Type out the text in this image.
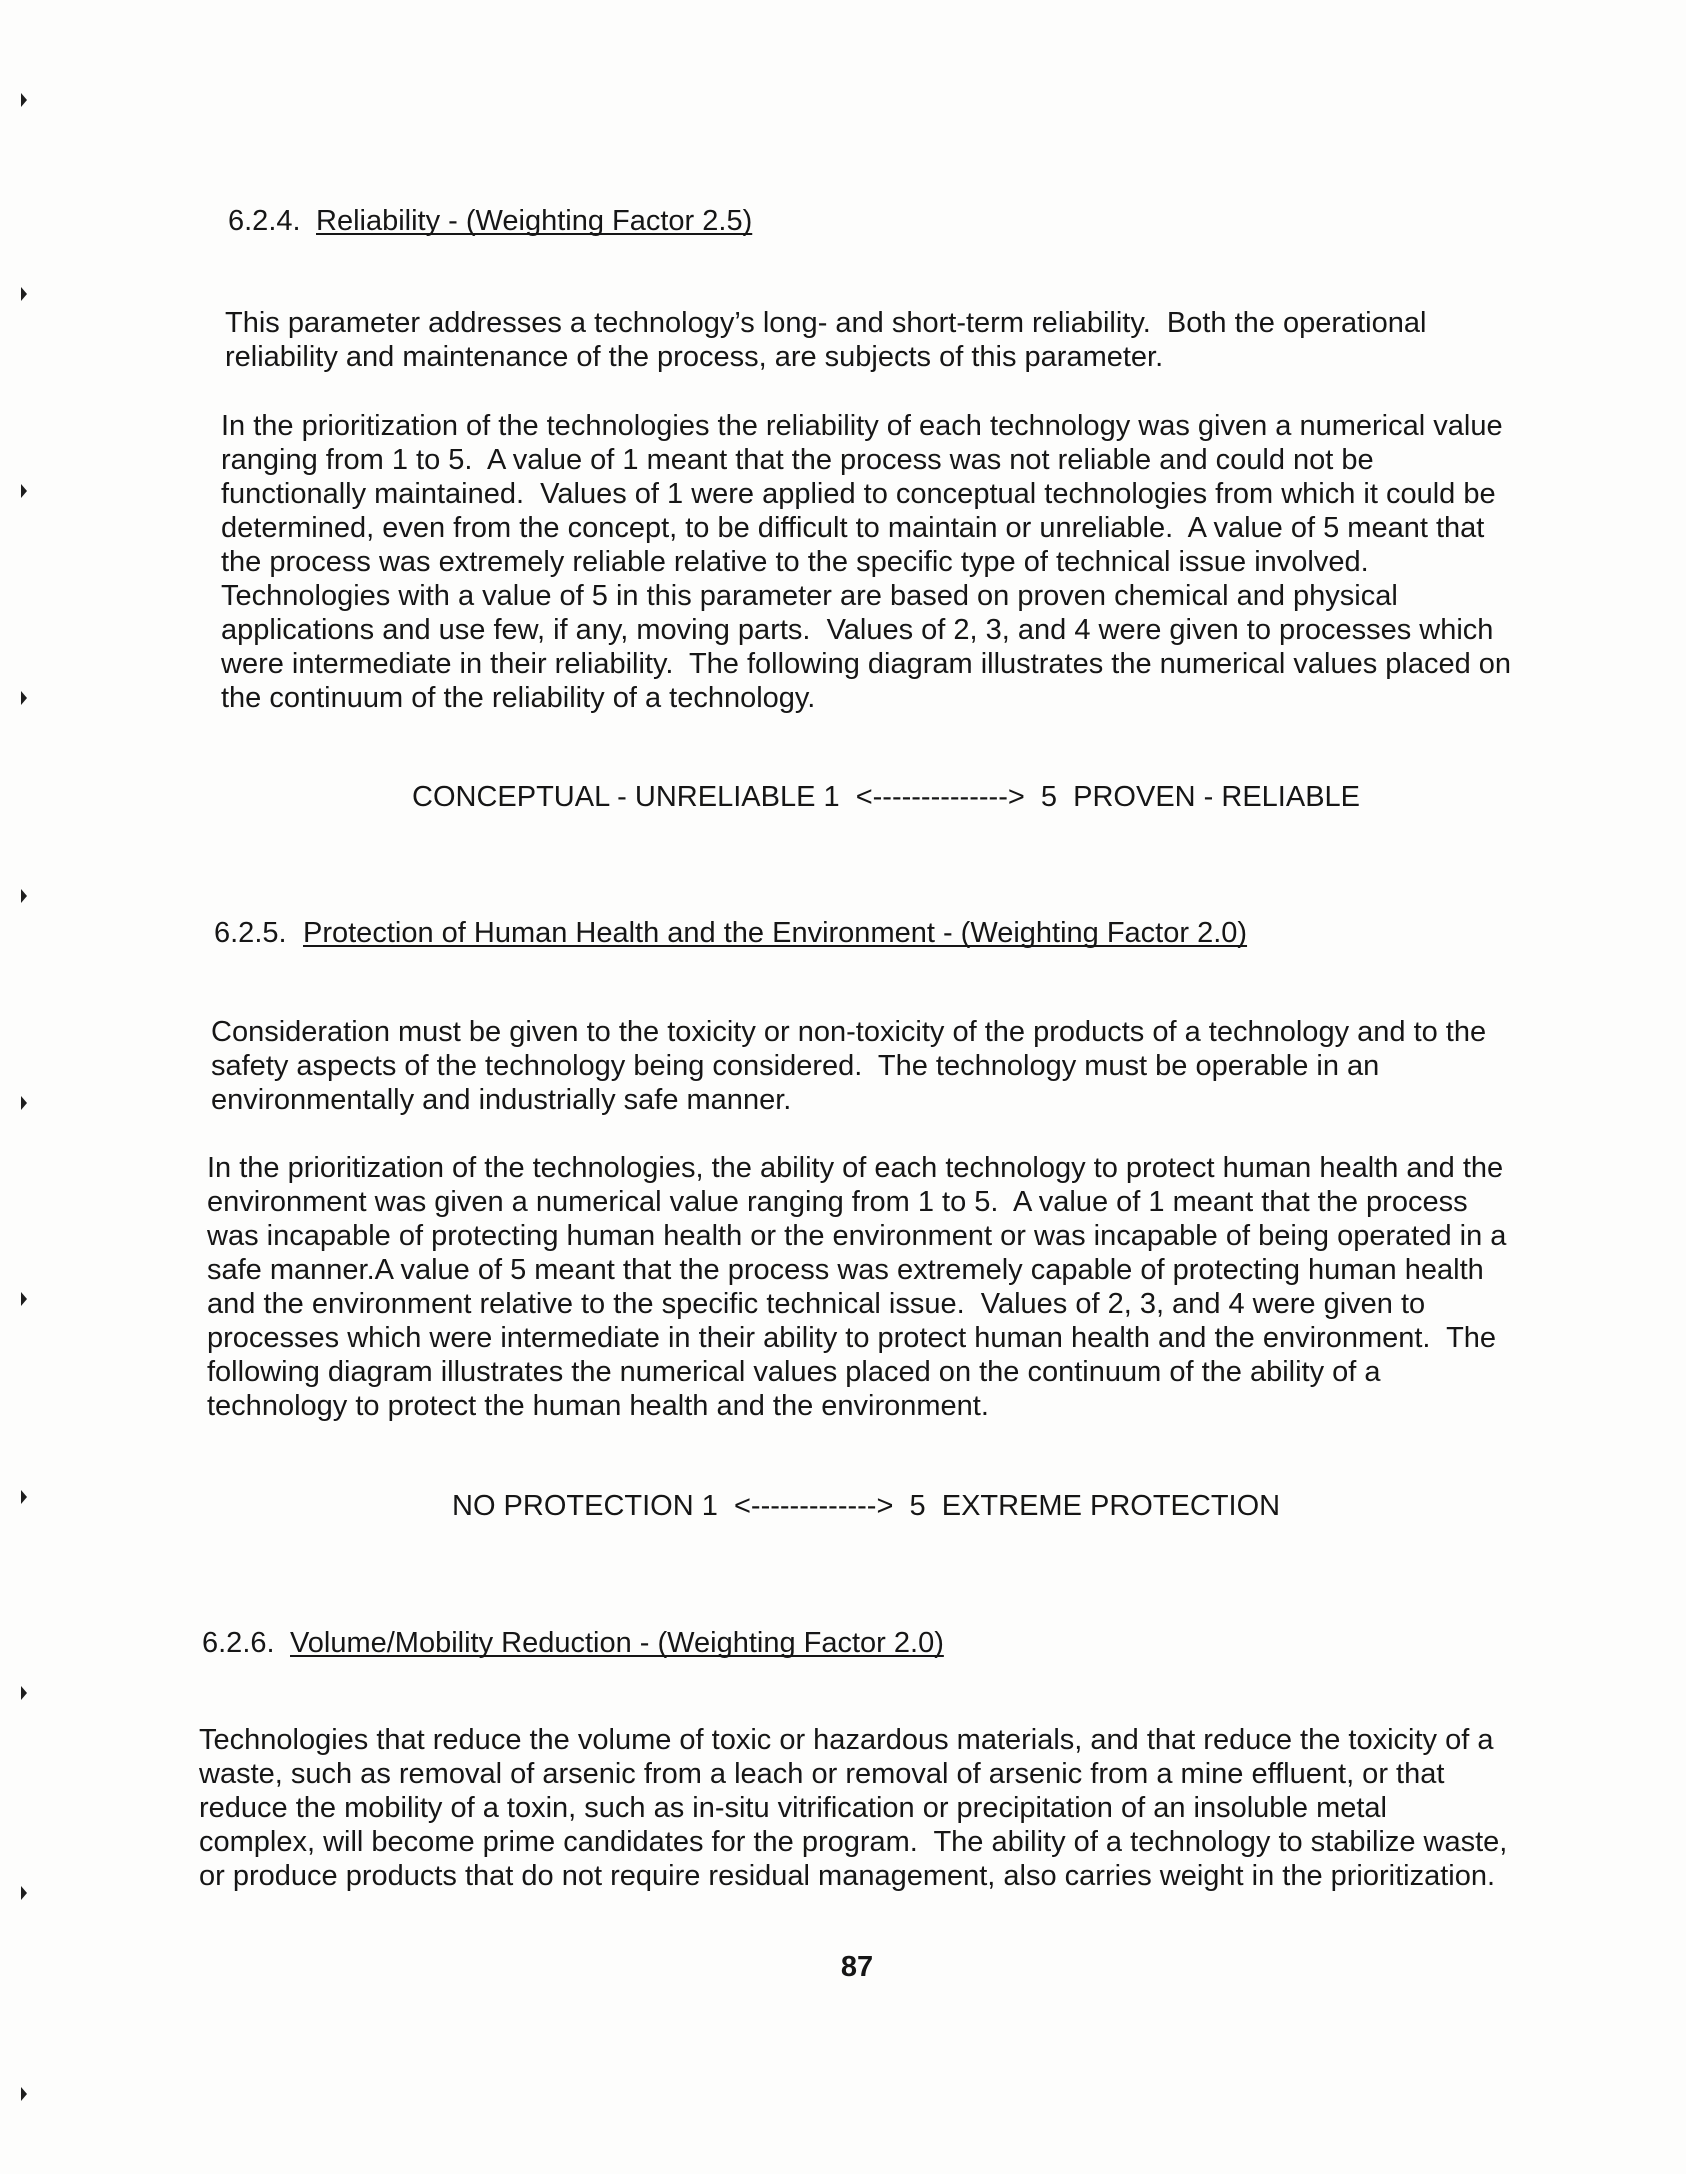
6.2.4. Reliability - (Weighting Factor 2.5)
This parameter addresses a technology’s long- and short-term reliability.  Both the operational
reliability and maintenance of the process, are subjects of this parameter.
In the prioritization of the technologies the reliability of each technology was given a numerical value
ranging from 1 to 5.  A value of 1 meant that the process was not reliable and could not be
functionally maintained.  Values of 1 were applied to conceptual technologies from which it could be
determined, even from the concept, to be difficult to maintain or unreliable.  A value of 5 meant that
the process was extremely reliable relative to the specific type of technical issue involved.
Technologies with a value of 5 in this parameter are based on proven chemical and physical
applications and use few, if any, moving parts.  Values of 2, 3, and 4 were given to processes which
were intermediate in their reliability.  The following diagram illustrates the numerical values placed on
the continuum of the reliability of a technology.
CONCEPTUAL - UNRELIABLE 1  <-------------->  5  PROVEN - RELIABLE
6.2.5. Protection of Human Health and the Environment - (Weighting Factor 2.0)
Consideration must be given to the toxicity or non-toxicity of the products of a technology and to the
safety aspects of the technology being considered.  The technology must be operable in an
environmentally and industrially safe manner.
In the prioritization of the technologies, the ability of each technology to protect human health and the
environment was given a numerical value ranging from 1 to 5.  A value of 1 meant that the process
was incapable of protecting human health or the environment or was incapable of being operated in a
safe manner.A value of 5 meant that the process was extremely capable of protecting human health
and the environment relative to the specific technical issue.  Values of 2, 3, and 4 were given to
processes which were intermediate in their ability to protect human health and the environment.  The
following diagram illustrates the numerical values placed on the continuum of the ability of a
technology to protect the human health and the environment.
NO PROTECTION 1  <------------->  5  EXTREME PROTECTION
6.2.6. Volume/Mobility Reduction - (Weighting Factor 2.0)
Technologies that reduce the volume of toxic or hazardous materials, and that reduce the toxicity of a
waste, such as removal of arsenic from a leach or removal of arsenic from a mine effluent, or that
reduce the mobility of a toxin, such as in-situ vitrification or precipitation of an insoluble metal
complex, will become prime candidates for the program.  The ability of a technology to stabilize waste,
or produce products that do not require residual management, also carries weight in the prioritization.
87
